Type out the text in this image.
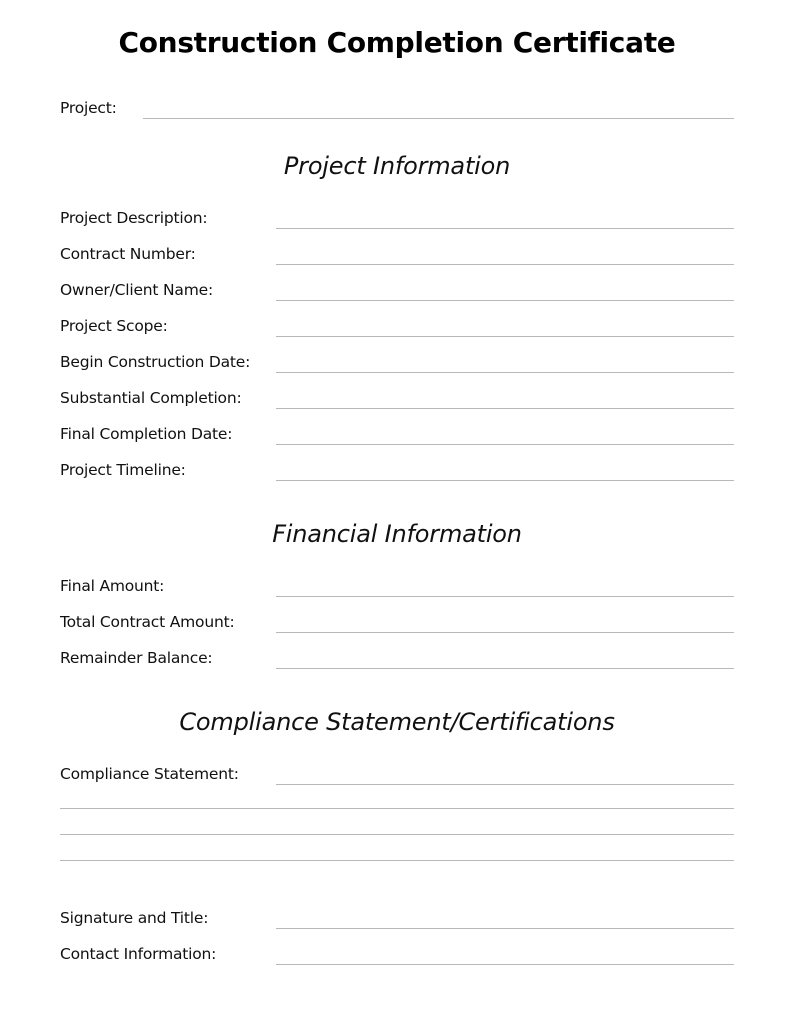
Construction Completion Certificate
Project:
Project Information
Project Description:
Contract Number:
Owner/Client Name:
Project Scope:
Begin Construction Date:
Substantial Completion:
Final Completion Date:
Project Timeline:
Financial Information
Final Amount:
Total Contract Amount:
Remainder Balance:
Compliance Statement/Certifications
Compliance Statement:
Signature and Title:
Contact Information:
